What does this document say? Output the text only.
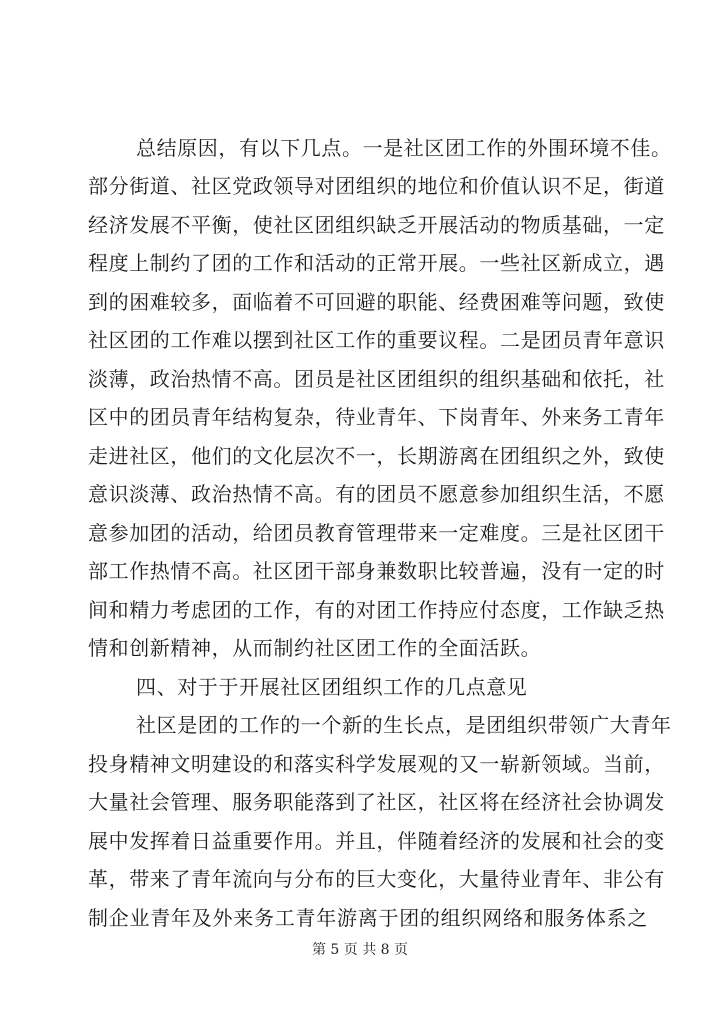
总结原因，有以下几点。一是社区团工作的外围环境不佳。
部分街道、社区党政领导对团组织的地位和价值认识不足，街道
经济发展不平衡，使社区团组织缺乏开展活动的物质基础，一定
程度上制约了团的工作和活动的正常开展。一些社区新成立，遇
到的困难较多，面临着不可回避的职能、经费困难等问题，致使
社区团的工作难以摆到社区工作的重要议程。二是团员青年意识
淡薄，政治热情不高。团员是社区团组织的组织基础和依托，社
区中的团员青年结构复杂，待业青年、下岗青年、外来务工青年
走进社区，他们的文化层次不一，长期游离在团组织之外，致使
意识淡薄、政治热情不高。有的团员不愿意参加组织生活，不愿
意参加团的活动，给团员教育管理带来一定难度。三是社区团干
部工作热情不高。社区团干部身兼数职比较普遍，没有一定的时
间和精力考虑团的工作，有的对团工作持应付态度，工作缺乏热
情和创新精神，从而制约社区团工作的全面活跃。
四、对于于开展社区团组织工作的几点意见
社区是团的工作的一个新的生长点，是团组织带领广大青年
投身精神文明建设的和落实科学发展观的又一崭新领域。当前，
大量社会管理、服务职能落到了社区，社区将在经济社会协调发
展中发挥着日益重要作用。并且，伴随着经济的发展和社会的变
革，带来了青年流向与分布的巨大变化，大量待业青年、非公有
制企业青年及外来务工青年游离于团的组织网络和服务体系之
第 5 页 共 8 页
